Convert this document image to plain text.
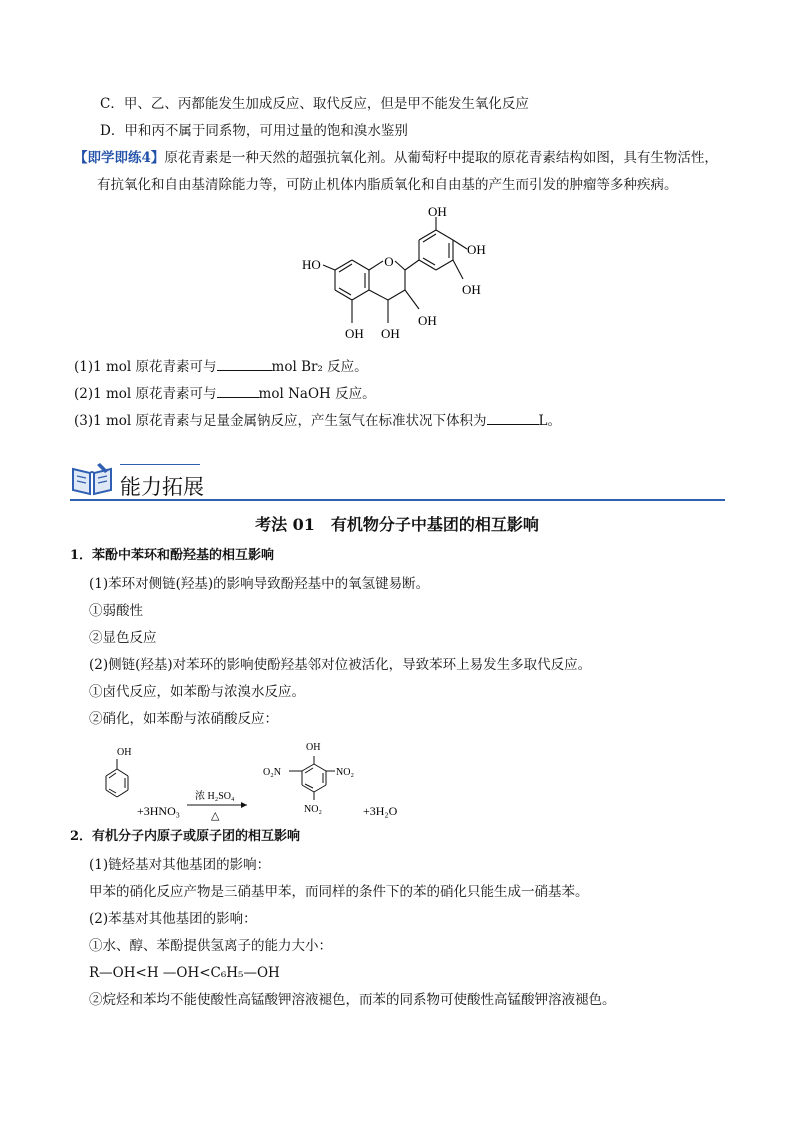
C．甲、乙、丙都能发生加成反应、取代反应，但是甲不能发生氧化反应
D．甲和丙不属于同系物，可用过量的饱和溴水鉴别
【即学即练4】原花青素是一种天然的超强抗氧化剂。从葡萄籽中提取的原花青素结构如图，具有生物活性，
有抗氧化和自由基清除能力等，可防止机体内脂质氧化和自由基的产生而引发的肿瘤等多种疾病。
O
HO
OH
OH
OH
OH
OH OH
(1)1 mol 原花青素可与	mol Br₂ 反应。
(2)1 mol 原花青素可与	mol NaOH 反应。
(3)1 mol 原花青素与足量金属钠反应，产生氢气在标准状况下体积为	L。
能力拓展
考法 01　有机物分子中基团的相互影响
1．苯酚中苯环和酚羟基的相互影响
(1)苯环对侧链(羟基)的影响导致酚羟基中的氧氢键易断。
①弱酸性
②显色反应
(2)侧链(羟基)对苯环的影响使酚羟基邻对位被活化，导致苯环上易发生多取代反应。
①卤代反应，如苯酚与浓溴水反应。
②硝化，如苯酚与浓硝酸反应：
OH
+3HNO₃
浓 H₂SO₄
△
OH
NO₂
O₂N
NO₂	+3H₂O
2．有机分子内原子或原子团的相互影响
(1)链烃基对其他基团的影响：
甲苯的硝化反应产物是三硝基甲苯，而同样的条件下的苯的硝化只能生成一硝基苯。
(2)苯基对其他基团的影响：
①水、醇、苯酚提供氢离子的能力大小：
R—OH<H —OH<C₆H₅—OH
②烷烃和苯均不能使酸性高锰酸钾溶液褪色，而苯的同系物可使酸性高锰酸钾溶液褪色。
